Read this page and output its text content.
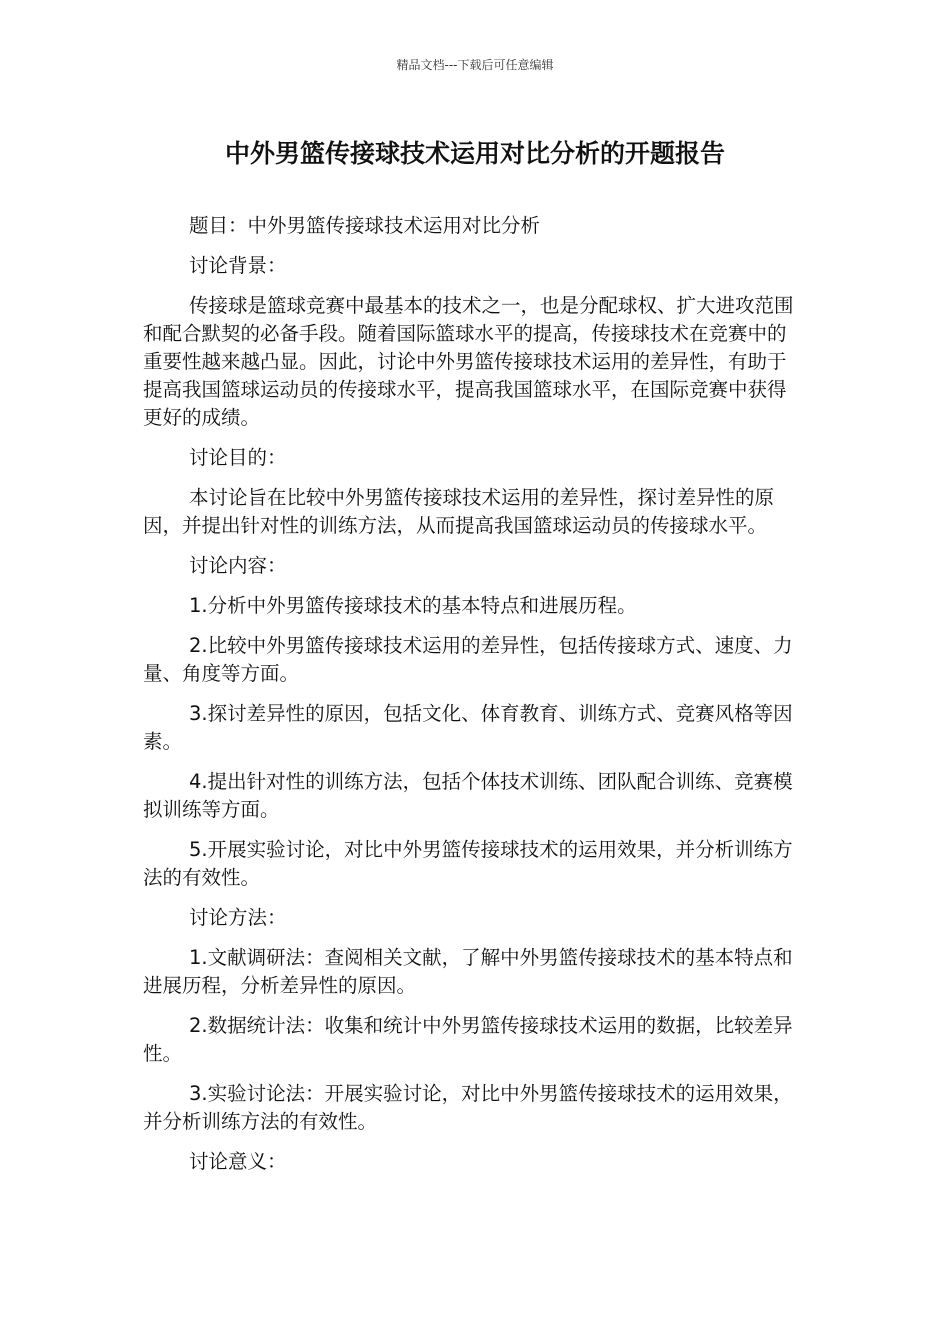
精品文档---下载后可任意编辑
中外男篮传接球技术运用对比分析的开题报告

题目：中外男篮传接球技术运用对比分析

讨论背景：

传接球是篮球竞赛中最基本的技术之一，也是分配球权、扩大进攻范围和配合默契的必备手段。随着国际篮球水平的提高，传接球技术在竞赛中的重要性越来越凸显。因此，讨论中外男篮传接球技术运用的差异性，有助于提高我国篮球运动员的传接球水平，提高我国篮球水平，在国际竞赛中获得更好的成绩。

讨论目的：

本讨论旨在比较中外男篮传接球技术运用的差异性，探讨差异性的原因，并提出针对性的训练方法，从而提高我国篮球运动员的传接球水平。

讨论内容：

1.分析中外男篮传接球技术的基本特点和进展历程。

2.比较中外男篮传接球技术运用的差异性，包括传接球方式、速度、力量、角度等方面。

3.探讨差异性的原因，包括文化、体育教育、训练方式、竞赛风格等因素。

4.提出针对性的训练方法，包括个体技术训练、团队配合训练、竞赛模拟训练等方面。

5.开展实验讨论，对比中外男篮传接球技术的运用效果，并分析训练方法的有效性。

讨论方法：

1.文献调研法：查阅相关文献，了解中外男篮传接球技术的基本特点和进展历程，分析差异性的原因。

2.数据统计法：收集和统计中外男篮传接球技术运用的数据，比较差异性。

3.实验讨论法：开展实验讨论，对比中外男篮传接球技术的运用效果，并分析训练方法的有效性。

讨论意义：
